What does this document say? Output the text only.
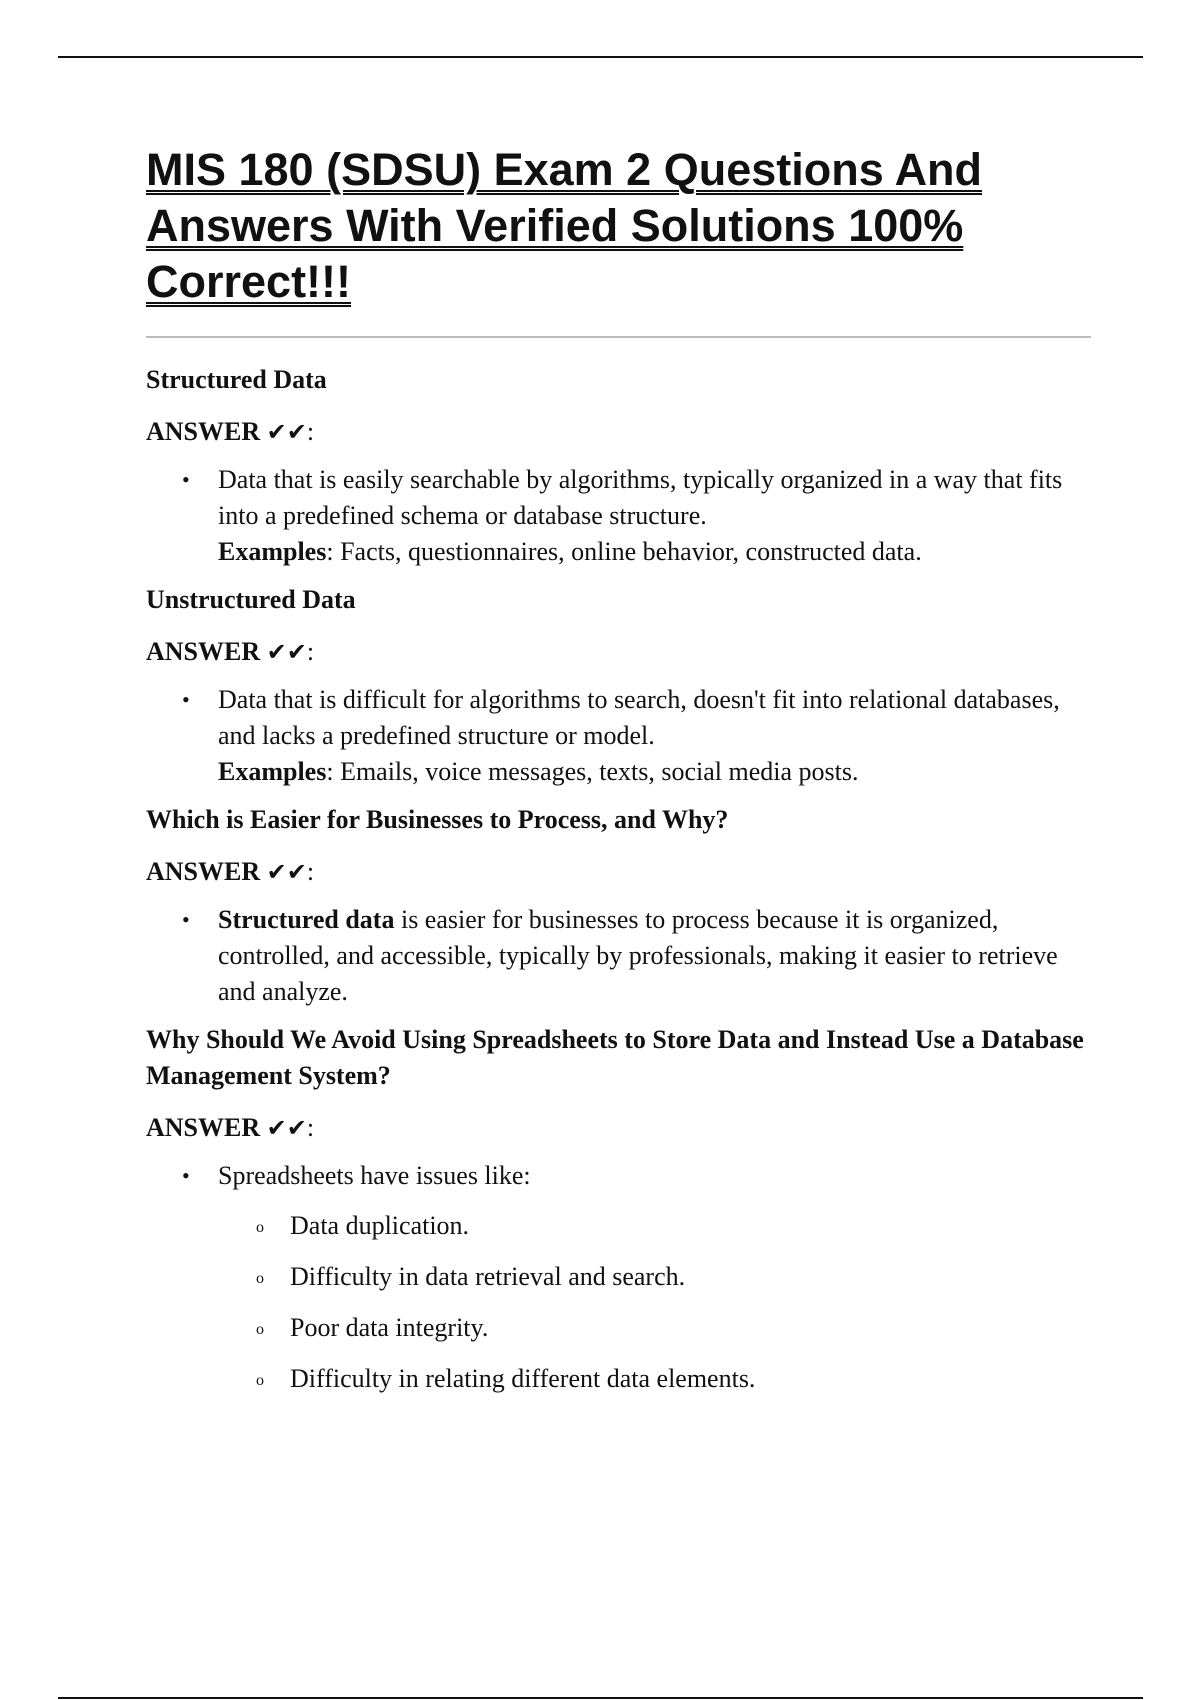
MIS 180 (SDSU) Exam 2 Questions And Answers With Verified Solutions 100% Correct!!!

Structured Data

ANSWER ✔✔:

• Data that is easily searchable by algorithms, typically organized in a way that fits into a predefined schema or database structure.
Examples: Facts, questionnaires, online behavior, constructed data.

Unstructured Data

ANSWER ✔✔:

• Data that is difficult for algorithms to search, doesn't fit into relational databases, and lacks a predefined structure or model.
Examples: Emails, voice messages, texts, social media posts.

Which is Easier for Businesses to Process, and Why?

ANSWER ✔✔:

• Structured data is easier for businesses to process because it is organized, controlled, and accessible, typically by professionals, making it easier to retrieve and analyze.

Why Should We Avoid Using Spreadsheets to Store Data and Instead Use a Database Management System?

ANSWER ✔✔:

• Spreadsheets have issues like:
o Data duplication.
o Difficulty in data retrieval and search.
o Poor data integrity.
o Difficulty in relating different data elements.
